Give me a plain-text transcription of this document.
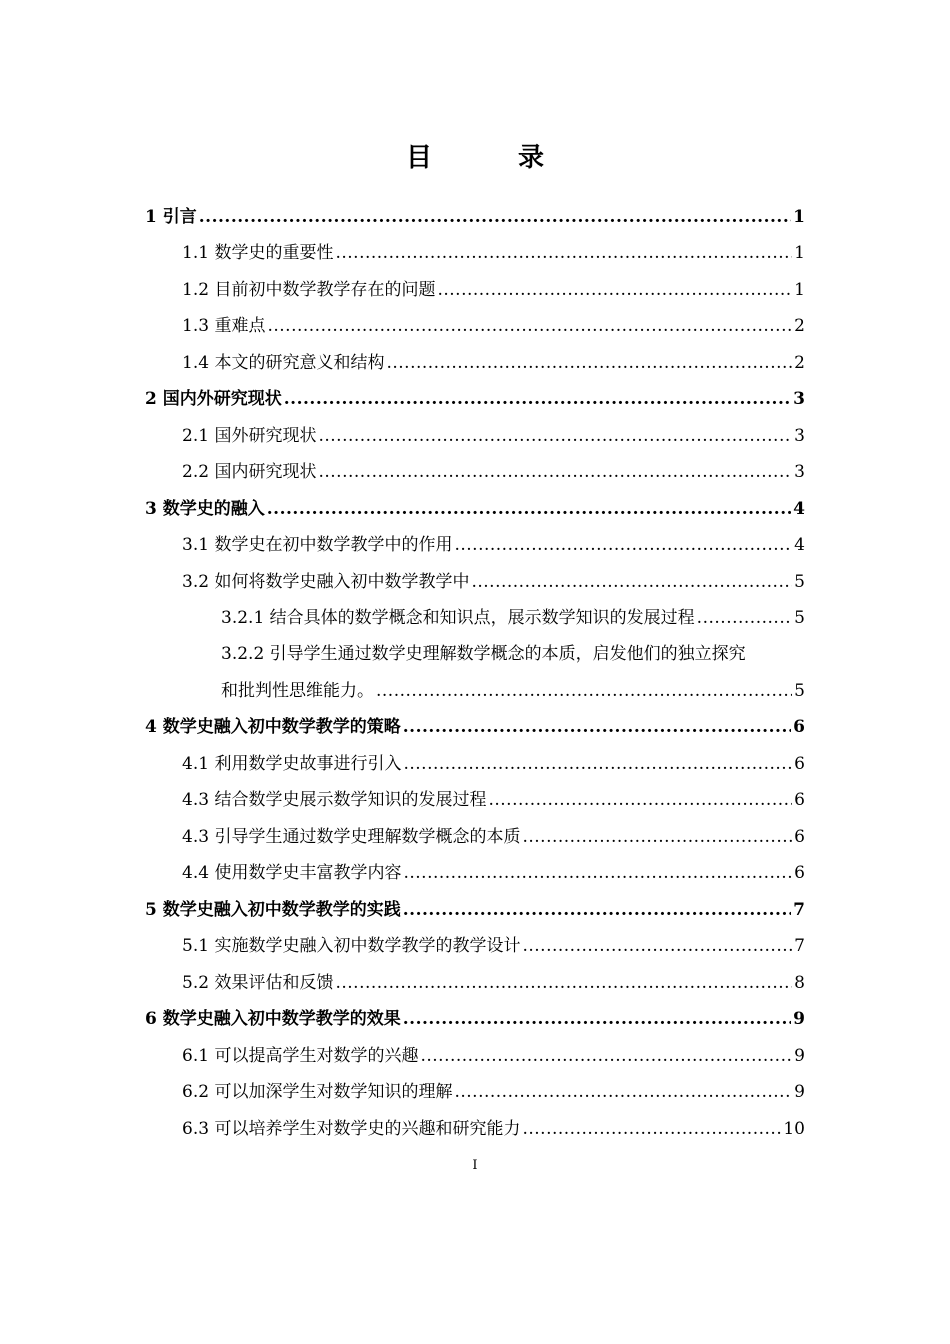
目　录
1 引言 .....	1
1.1 数学史的重要性 .....	1
1.2 目前初中数学教学存在的问题 .....	1
1.3 重难点 .....	2
1.4 本文的研究意义和结构 .....	2
2 国内外研究现状 .....	3
2.1 国外研究现状 .....	3
2.2 国内研究现状 .....	3
3 数学史的融入 .....	4
3.1 数学史在初中数学教学中的作用 .....	4
3.2 如何将数学史融入初中数学教学中 .....	5
3.2.1 结合具体的数学概念和知识点，展示数学知识的发展过程 .....	5
3.2.2 引导学生通过数学史理解数学概念的本质，启发他们的独立探究
和批判性思维能力。 .....	5
4 数学史融入初中数学教学的策略 .....	6
4.1 利用数学史故事进行引入 .....	6
4.3 结合数学史展示数学知识的发展过程 .....	6
4.3 引导学生通过数学史理解数学概念的本质 .....	6
4.4 使用数学史丰富教学内容 .....	6
5 数学史融入初中数学教学的实践 .....	7
5.1 实施数学史融入初中数学教学的教学设计 .....	7
5.2 效果评估和反馈 .....	8
6 数学史融入初中数学教学的效果 .....	9
6.1 可以提高学生对数学的兴趣 .....	9
6.2 可以加深学生对数学知识的理解 .....	9
6.3 可以培养学生对数学史的兴趣和研究能力 .....	10
I
